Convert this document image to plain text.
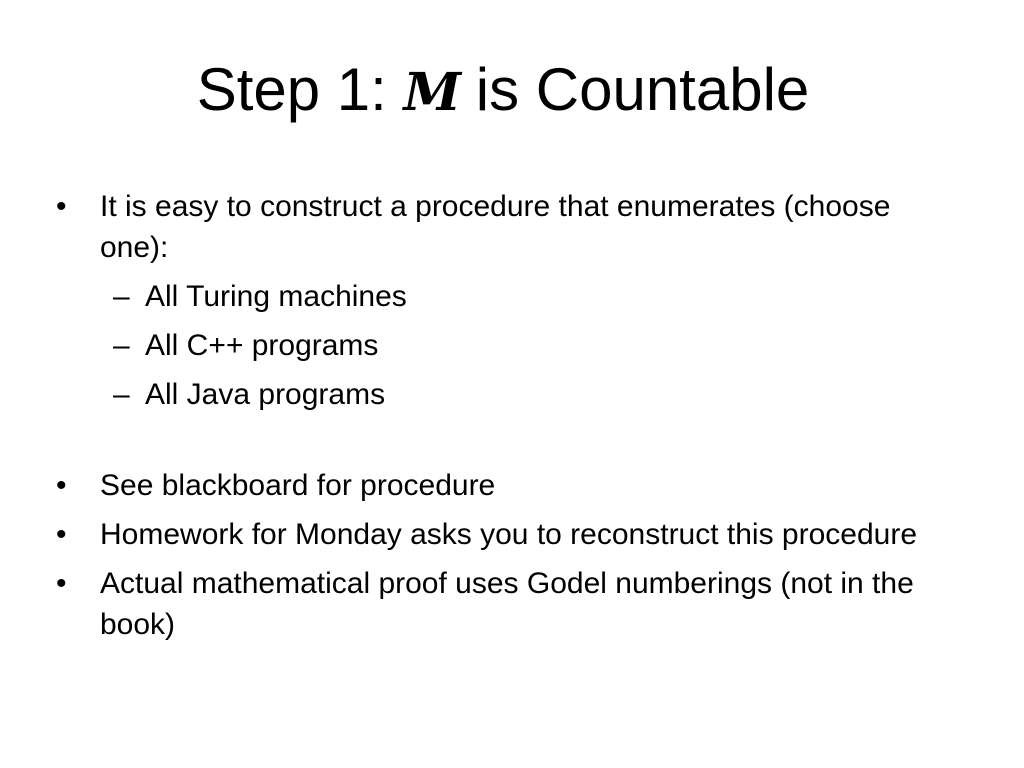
Step 1: M is Countable
• It is easy to construct a procedure that enumerates (choose one):
– All Turing machines
– All C++ programs
– All Java programs
• See blackboard for procedure
• Homework for Monday asks you to reconstruct this procedure
• Actual mathematical proof uses Godel numberings (not in the book)
